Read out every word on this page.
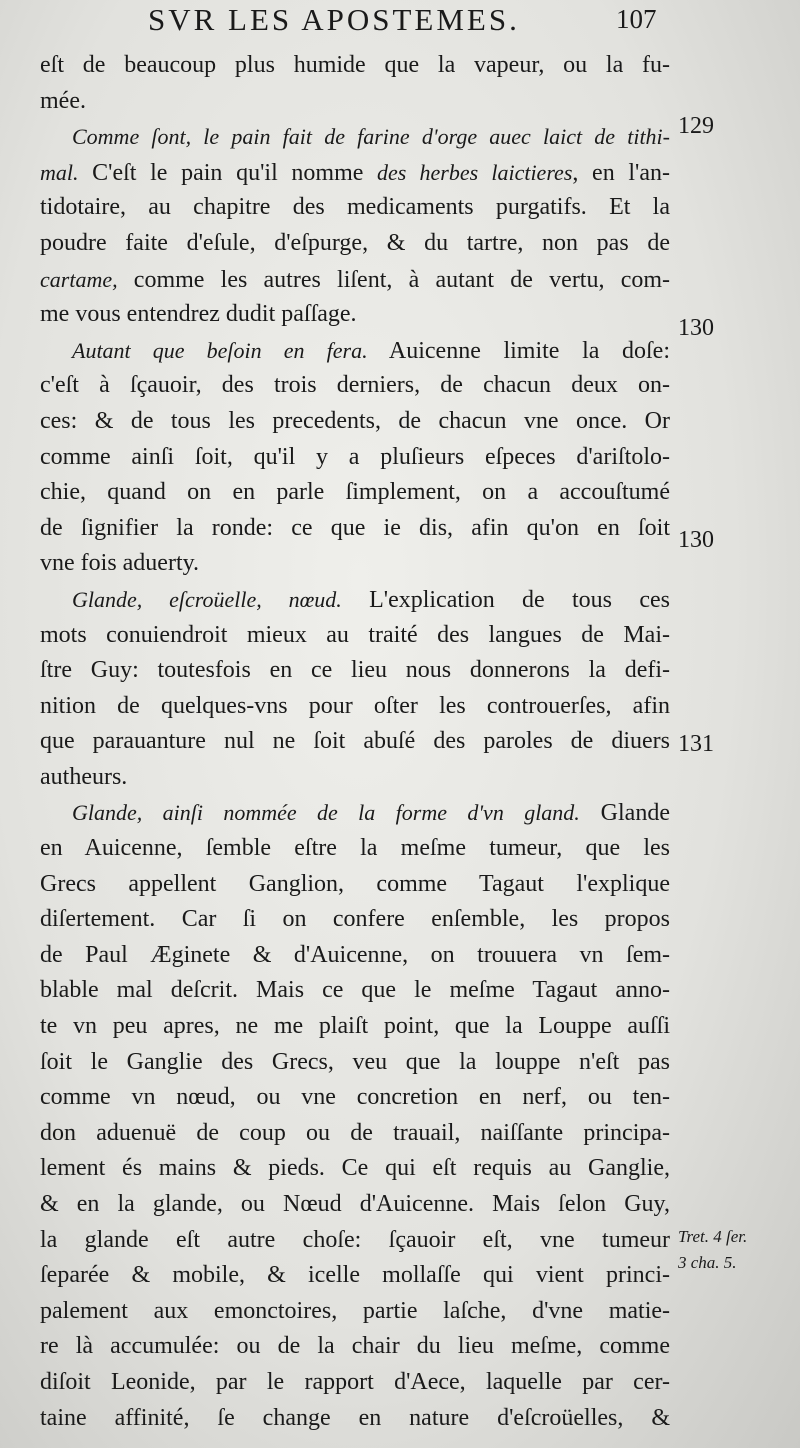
SVR LES APOSTEMES.	107
eſt de beaucoup plus humide que la vapeur, ou la fu-
mée.
Comme ſont, le pain fait de farine d'orge auec laict de tithi-
mal. C'eſt le pain qu'il nomme des herbes laictieres, en l'an-
tidotaire, au chapitre des medicaments purgatifs. Et la
poudre faite d'eſule, d'eſpurge, & du tartre, non pas de
cartame, comme les autres liſent, à autant de vertu, com-
me vous entendrez dudit paſſage.
Autant que beſoin en fera. Auicenne limite la doſe:
c'eſt à ſçauoir, des trois derniers, de chacun deux on-
ces: & de tous les precedents, de chacun vne once. Or
comme ainſi ſoit, qu'il y a pluſieurs eſpeces d'ariſtolo-
chie, quand on en parle ſimplement, on a accouſtumé
de ſignifier la ronde: ce que ie dis, afin qu'on en ſoit
vne fois aduerty.
Glande, eſcroüelle, nœud. L'explication de tous ces
mots conuiendroit mieux au traité des langues de Mai-
ſtre Guy: toutesfois en ce lieu nous donnerons la defi-
nition de quelques-vns pour oſter les controuerſes, afin
que parauanture nul ne ſoit abuſé des paroles de diuers
autheurs.
Glande, ainſi nommée de la forme d'vn gland. Glande
en Auicenne, ſemble eſtre la meſme tumeur, que les
Grecs appellent Ganglion, comme Tagaut l'explique
diſertement. Car ſi on confere enſemble, les propos
de Paul Æginete & d'Auicenne, on trouuera vn ſem-
blable mal deſcrit. Mais ce que le meſme Tagaut anno-
te vn peu apres, ne me plaiſt point, que la Louppe auſſi
ſoit le Ganglie des Grecs, veu que la louppe n'eſt pas
comme vn nœud, ou vne concretion en nerf, ou ten-
don aduenuë de coup ou de trauail, naiſſante principa-
lement és mains & pieds. Ce qui eſt requis au Ganglie,
& en la glande, ou Nœud d'Auicenne. Mais ſelon Guy,
la glande eſt autre choſe: ſçauoir eſt, vne tumeur
ſeparée & mobile, & icelle mollaſſe qui vient princi-
palement aux emonctoires, partie laſche, d'vne matie-
re là accumulée: ou de la chair du lieu meſme, comme
diſoit Leonide, par le rapport d'Aece, laquelle par cer-
taine affinité, ſe change en nature d'eſcroüelles, &
129
130
130
131
Tret. 4 ſer.
3 cha. 5.
